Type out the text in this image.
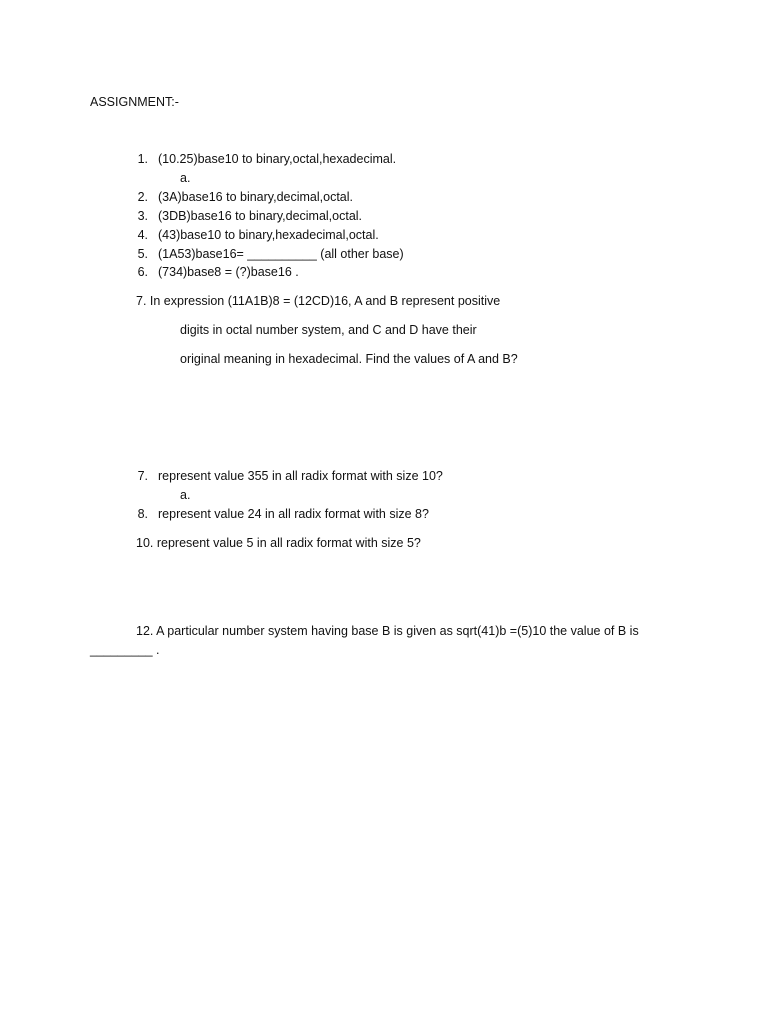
ASSIGNMENT:-
1. (10.25)base10 to binary,octal,hexadecimal.
a.
2. (3A)base16 to binary,decimal,octal.
3. (3DB)base16 to binary,decimal,octal.
4. (43)base10 to binary,hexadecimal,octal.
5. (1A53)base16= __________ (all other base)
6. (734)base8 = (?)base16 .
7. In expression (11A1B)8 = (12CD)16, A and B represent positive
digits in octal number system, and C and D have their
original meaning in hexadecimal. Find the values of A and B?
7. represent value 355 in all radix format with size 10?
a.
8. represent value 24 in all radix format with size 8?
10. represent value 5 in all radix format with size 5?
12. A particular number system having base B is given as sqrt(41)b =(5)10 the value of B is
_________ .
